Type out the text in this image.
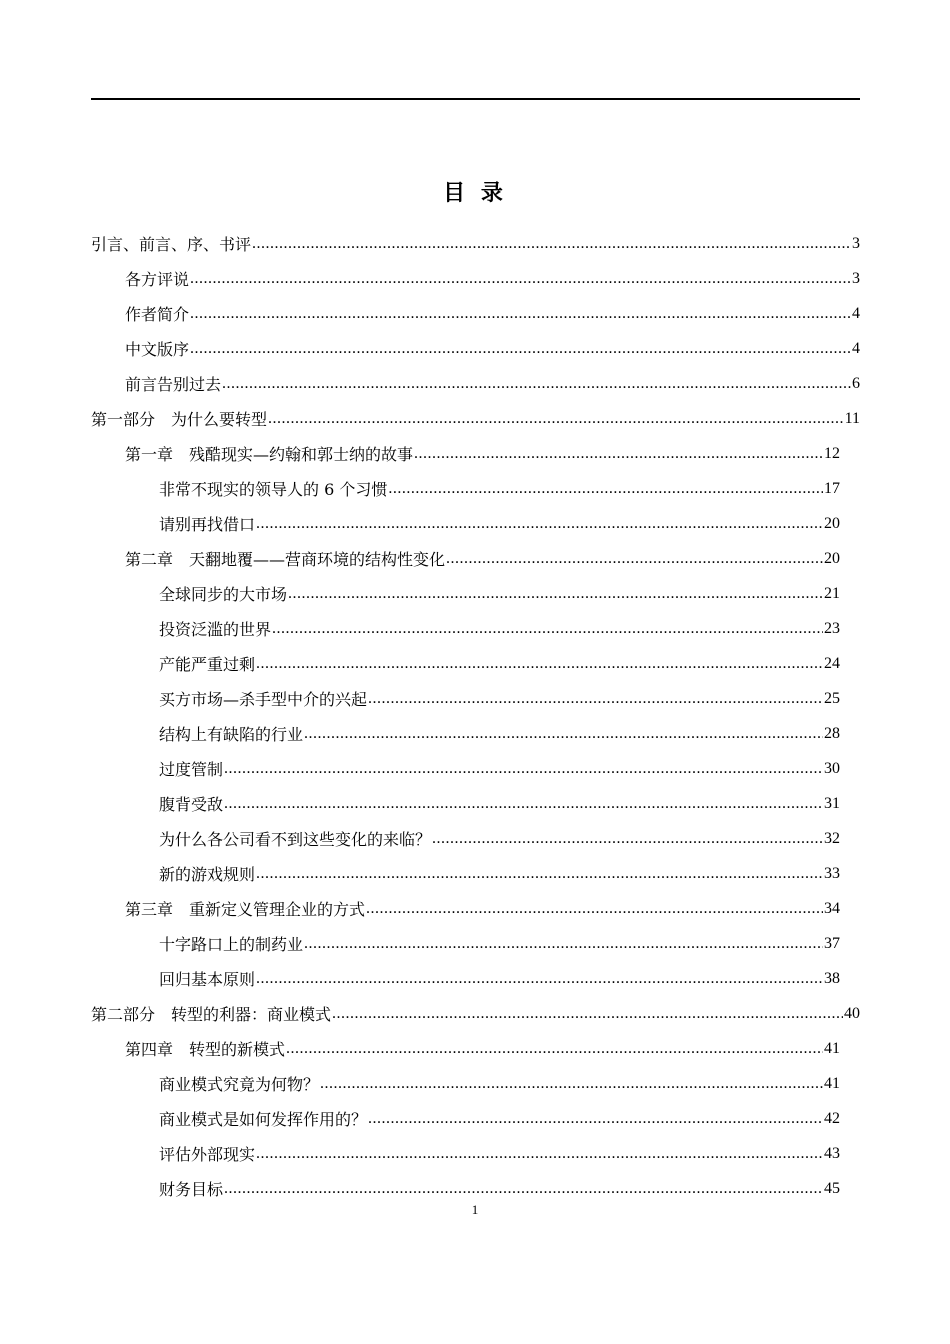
目 录
引言、前言、序、书评 .....	3
各方评说 .....	3
作者简介 .....	4
中文版序 .....	4
前言告别过去 .....	6
第一部分　为什么要转型 .....	11
第一章　残酷现实—约翰和郭士纳的故事 .....	12
非常不现实的领导人的 6 个习惯 .....	17
请别再找借口 .....	20
第二章　天翻地覆——营商环境的结构性变化 .....	20
全球同步的大市场 .....	21
投资泛滥的世界 .....	23
产能严重过剩 .....	24
买方市场—杀手型中介的兴起 .....	25
结构上有缺陷的行业 .....	28
过度管制 .....	30
腹背受敌 .....	31
为什么各公司看不到这些变化的来临？ .....	32
新的游戏规则 .....	33
第三章　重新定义管理企业的方式 .....	34
十字路口上的制药业 .....	37
回归基本原则 .....	38
第二部分　转型的利器：商业模式 .....	40
第四章　转型的新模式 .....	41
商业模式究竟为何物？ .....	41
商业模式是如何发挥作用的？ .....	42
评估外部现实 .....	43
财务目标 .....	45
1
